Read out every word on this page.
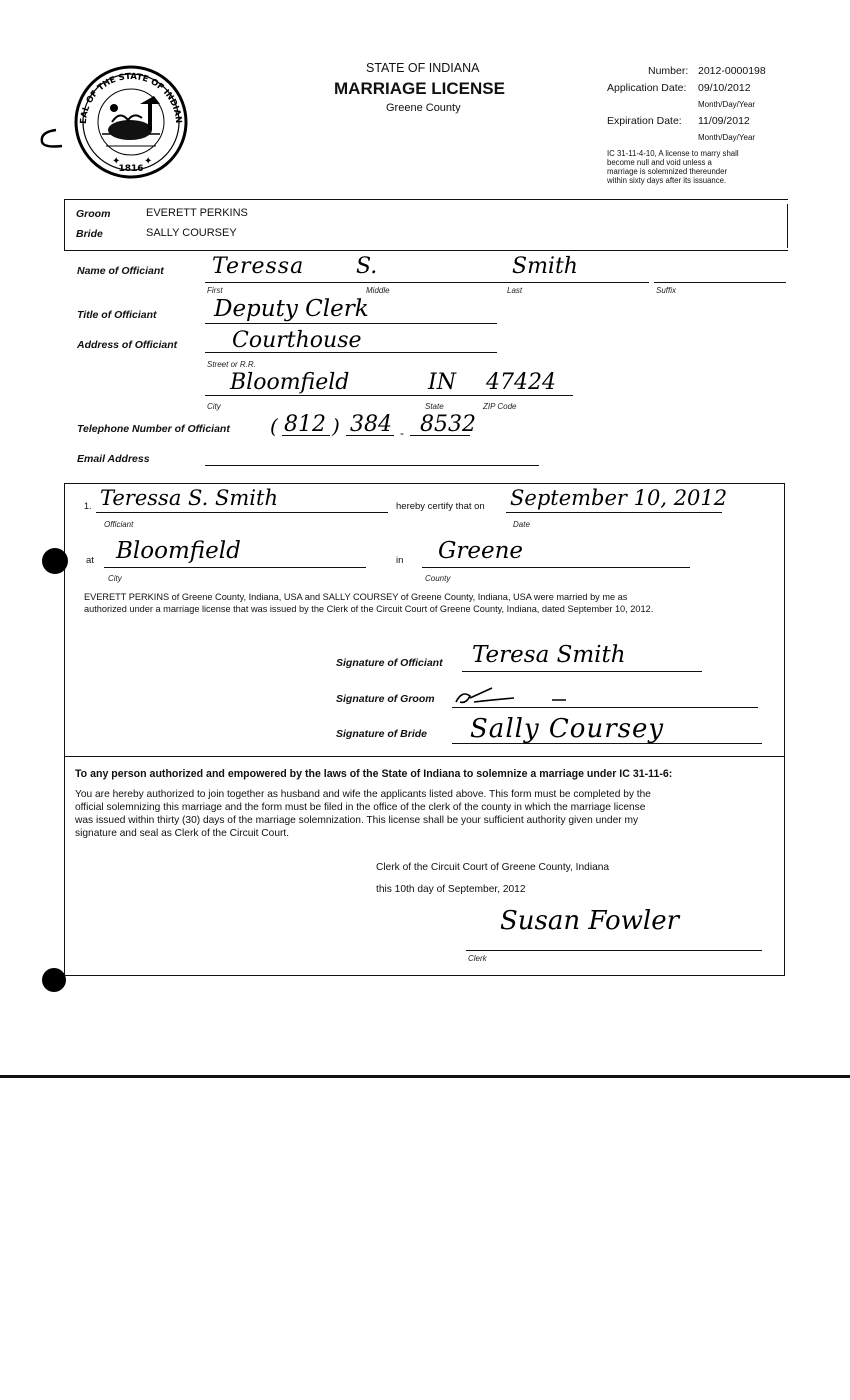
EAL OF THE STATE OF INDIAN
✦ ✦
1816
STATE OF INDIANA
MARRIAGE LICENSE
Greene County
Number: 2012-0000198
Application Date: 09/10/2012
Month/Day/Year
Expiration Date: 11/09/2012
Month/Day/Year
IC 31-11-4-10, A license to marry shall
become null and void unless a
marriage is solemnized thereunder
within sixty days after its issuance.
Groom	EVERETT PERKINS
Bride	SALLY COURSEY
Name of Officiant Teressa S.	Smith
First	Middle	Last	Suffix
Title of Officiant Deputy Clerk
Address of Officiant Courthouse
Street or R.R.
Bloomfield	IN 47424
City	State	ZIP Code
Telephone Number of Officiant ( 812 ) 384 - 8532
Email Address
1. Teressa S. Smith	hereby certify that on September 10, 2012
Officiant	Date
at Bloomfield	in Greene
City	County
EVERETT PERKINS of Greene County, Indiana, USA and SALLY COURSEY of Greene County, Indiana, USA were married by me as
authorized under a marriage license that was issued by the Clerk of the Circuit Court of Greene County, Indiana, dated September 10, 2012.
Signature of Officiant Teresa Smith
Signature of Groom
Signature of Bride Sally Coursey
To any person authorized and empowered by the laws of the State of Indiana to solemnize a marriage under IC 31-11-6:
You are hereby authorized to join together as husband and wife the applicants listed above. This form must be completed by the
official solemnizing this marriage and the form must be filed in the office of the clerk of the county in which the marriage license
was issued within thirty (30) days of the marriage solemnization. This license shall be your sufficient authority given under my
signature and seal as Clerk of the Circuit Court.
Clerk of the Circuit Court of Greene County, Indiana
this 10th day of September, 2012
Susan Fowler
Clerk
